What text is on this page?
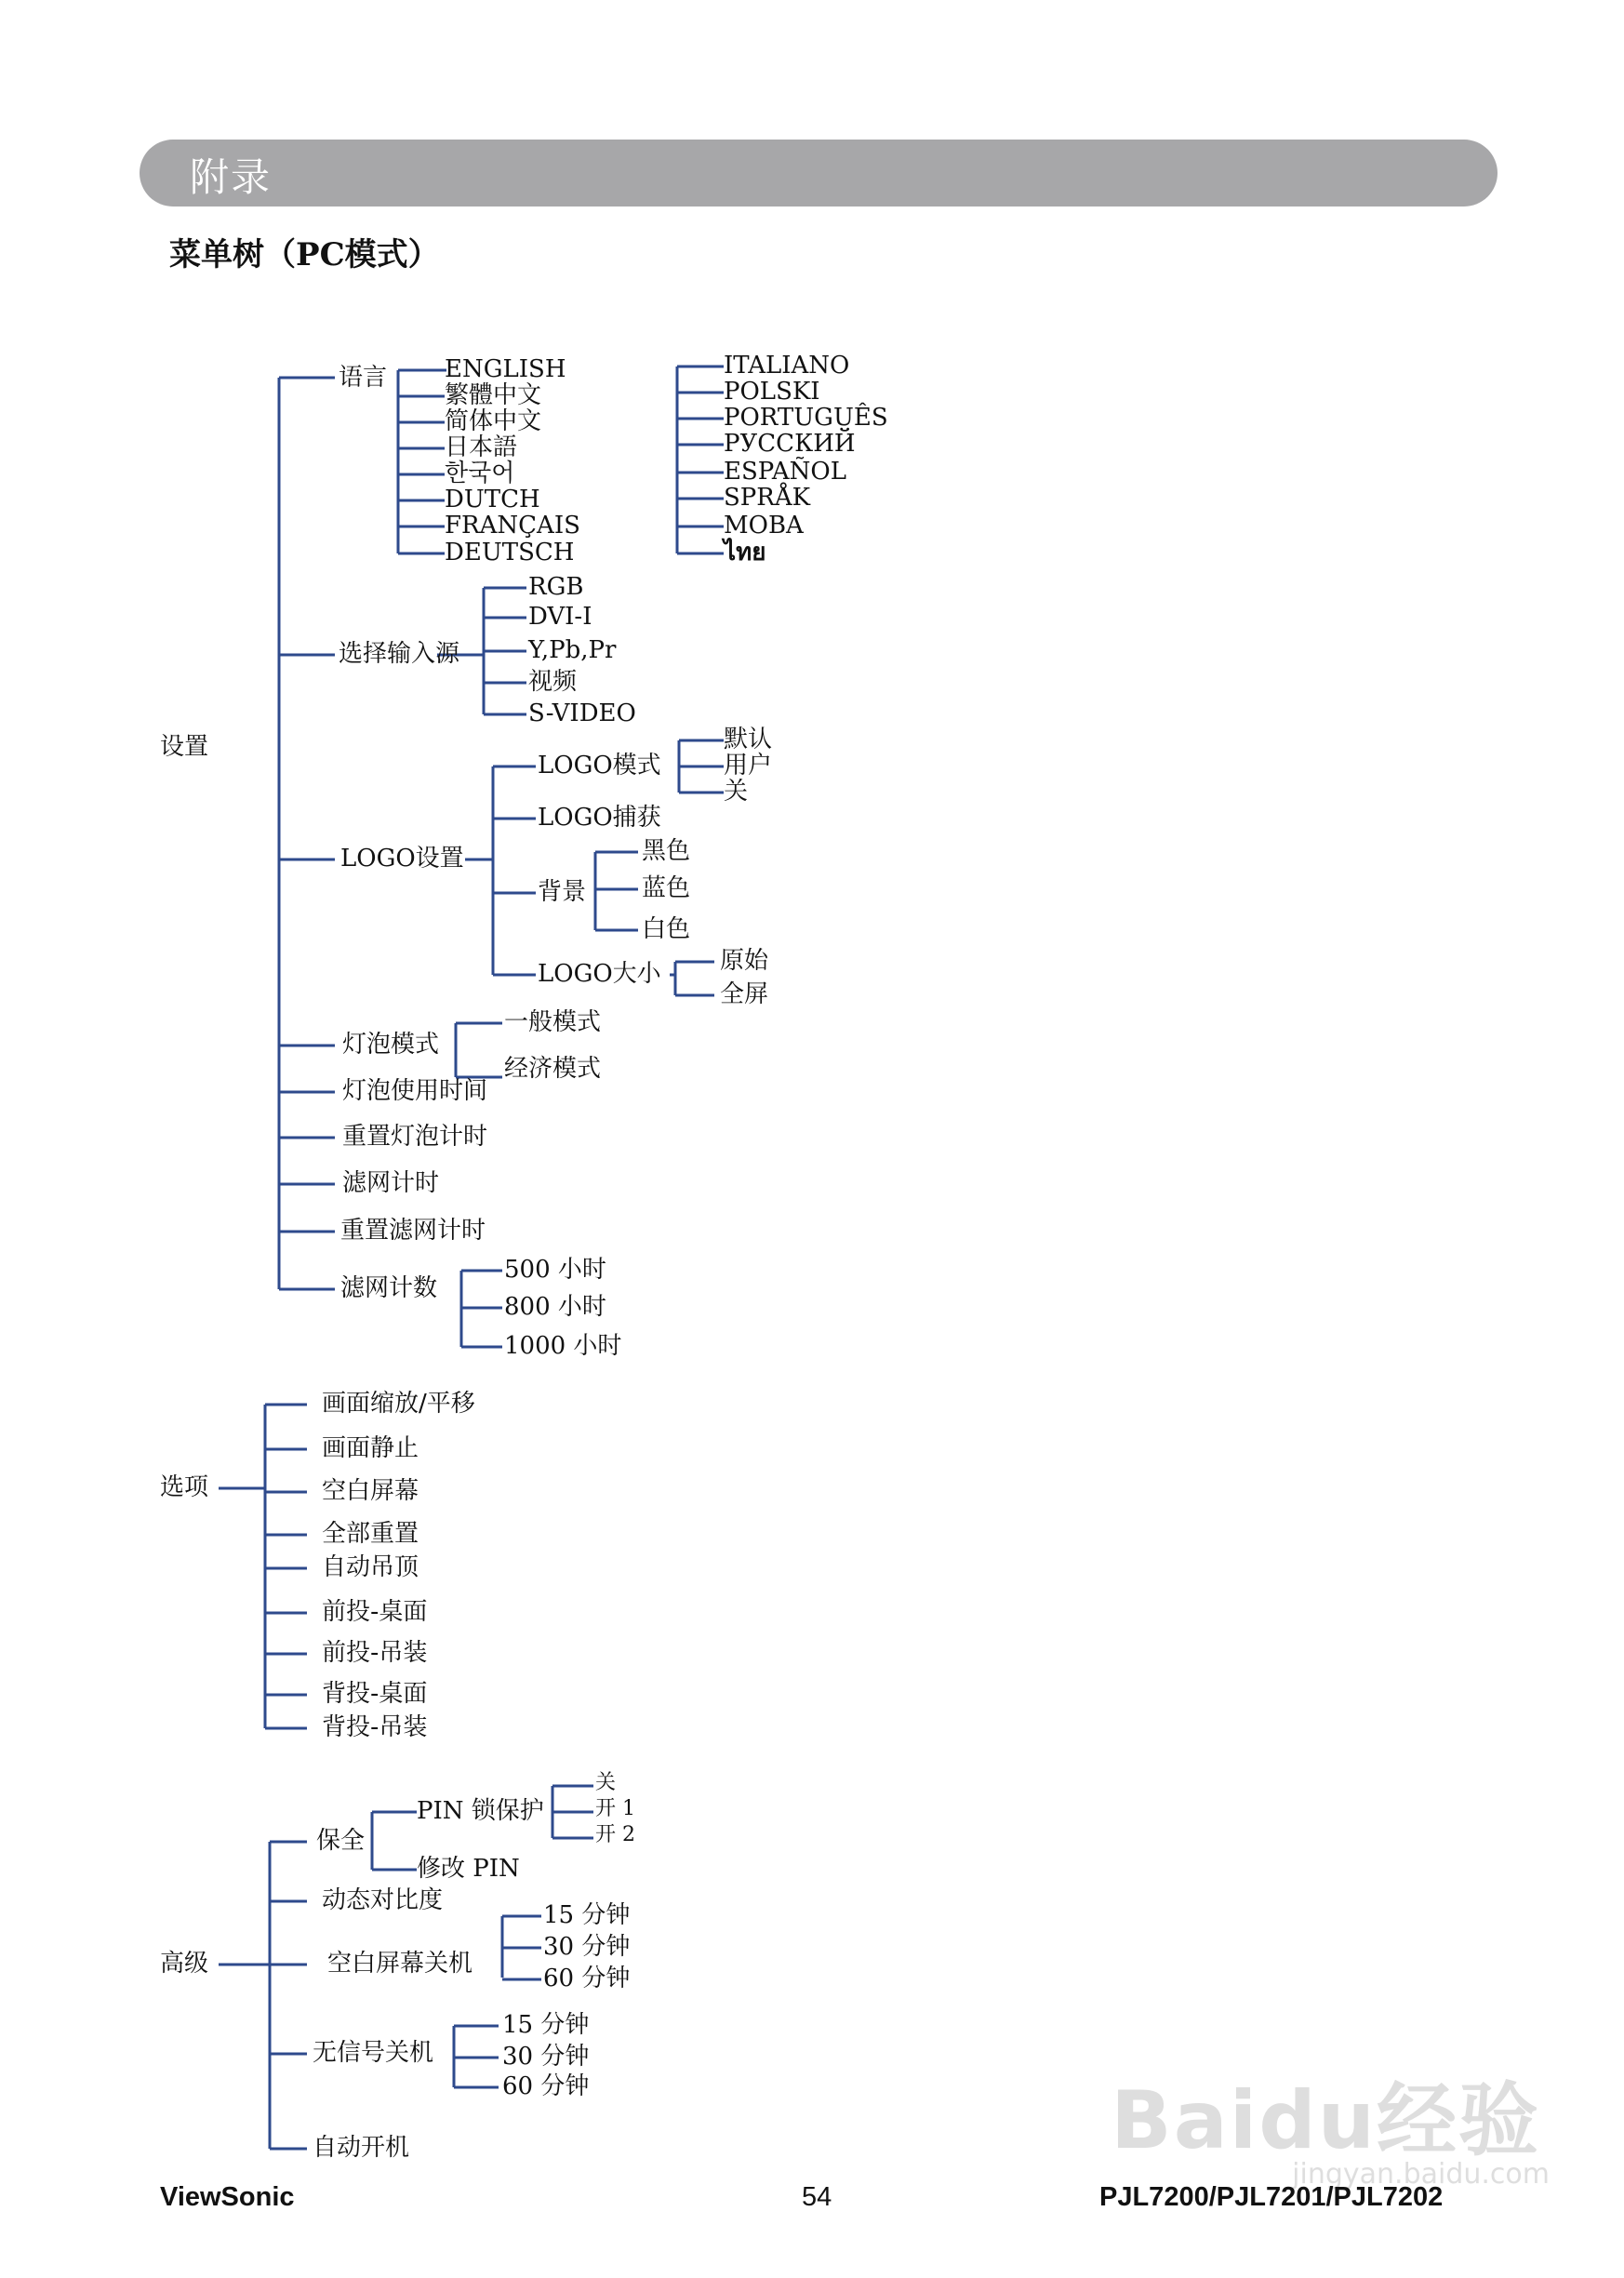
附录
菜单树（PC模式）
设置
语言 ENGLISH
繁體中文
简体中文
日本語
한국어
DUTCH
FRANÇAIS
DEUTSCH
ITALIANO
POLSKI
PORTUGUÊS
РУССКИЙ
ESPAÑOL
SPRÅK
MOBA
ไทย
选择输入源
RGB
DVI-I
Y,Pb,Pr
视频
S-VIDEO
LOGO设置
LOGO模式
默认
用户
关
LOGO捕获
背景
黑色
蓝色
白色
LOGO大小 原始
全屏
灯泡模式
一般模式
经济模式
灯泡使用时间
重置灯泡计时
滤网计时
重置滤网计时
滤网计数
500 小时
800 小时
1000 小时
选项
画面缩放/平移
画面静止
空白屏幕
全部重置
自动吊顶
前投-桌面
前投-吊装
背投-桌面
背投-吊装
高级
保全
PIN 锁保护
关
开 1
开 2
修改 PIN
动态对比度
空白屏幕关机
15 分钟
30 分钟
60 分钟
无信号关机
15 分钟
30 分钟
60 分钟
自动开机	Baidu经验
jingyan.baidu.com
ViewSonic	54	PJL7200/PJL7201/PJL7202
